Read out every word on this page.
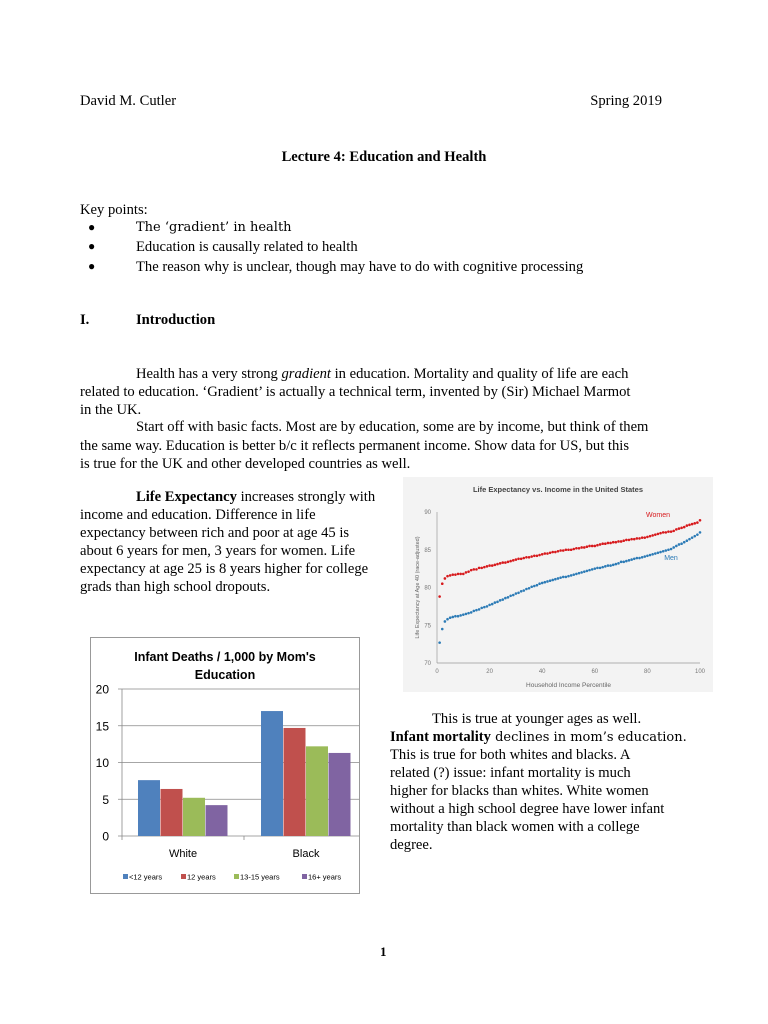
David M. Cutler	Spring 2019
Lecture 4: Education and Health
Key points:
●	The ‘gradient’ in health
●	Education is causally related to health
●	The reason why is unclear, though may have to do with cognitive processing
I.	Introduction
Health has a very strong gradient in education. Mortality and quality of life are each
related to education. ‘Gradient’ is actually a technical term, invented by (Sir) Michael Marmot
in the UK.
Start off with basic facts. Most are by education, some are by income, but think of them
the same way. Education is better b/c it reflects permanent income. Show data for US, but this
is true for the UK and other developed countries as well.
Life Expectancy increases strongly with
income and education. Difference in life
expectancy between rich and poor at age 45 is
about 6 years for men, 3 years for women. Life
expectancy at age 25 is 8 years higher for college
grads than high school dropouts.
Life Expectancy vs. Income in the United States
70
75
80
85
90
0	20	40	60	80	100
Household Income Percentile
Life Expectancy at Age 40 (race-adjusted)
Women
Men
Infant Deaths / 1,000 by Mom's
Education
0
5
10
15
20
White	Black
<12 years	12 years	13-15 years	16+ years
This is true at younger ages as well.
Infant mortality declines in mom’s education.
This is true for both whites and blacks. A
related (?) issue: infant mortality is much
higher for blacks than whites. White women
without a high school degree have lower infant
mortality than black women with a college
degree.
1
